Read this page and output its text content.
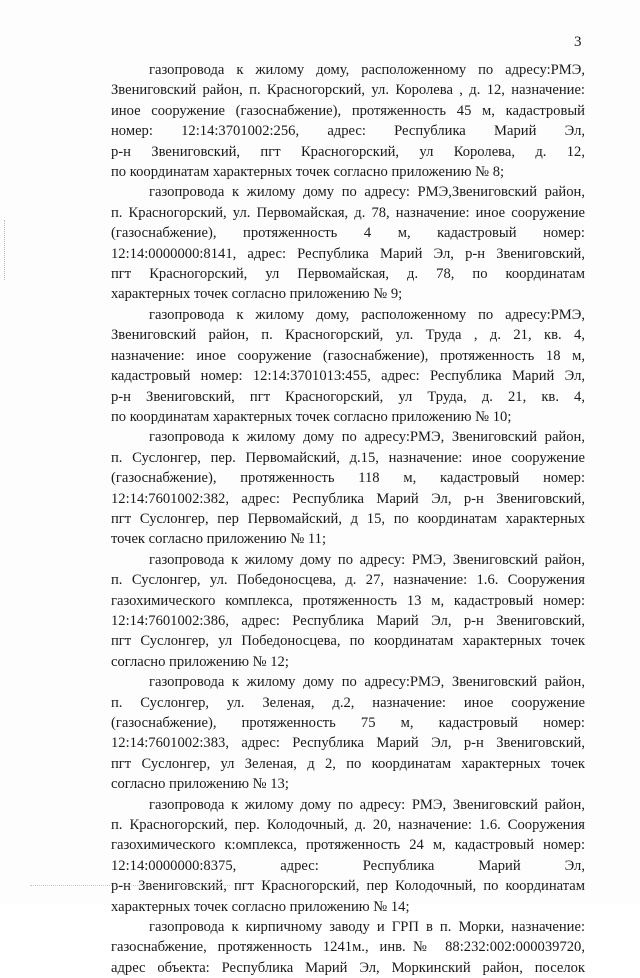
3
газопровода к жилому дому, расположенному по адресу:РМЭ,
Звениговский район, п. Красногорский, ул. Королева , д. 12, назначение:
иное сооружение (газоснабжение), протяженность 45 м, кадастровый
номер: 12:14:3701002:256, адрес: Республика Марий Эл,
р-н Звениговский, пгт Красногорский, ул Королева, д. 12,
по координатам характерных точек согласно приложению № 8;
газопровода к жилому дому по адресу: РМЭ,Звениговский район,
п. Красногорский, ул. Первомайская, д. 78, назначение: иное сооружение
(газоснабжение), протяженность 4 м, кадастровый номер:
12:14:0000000:8141, адрес: Республика Марий Эл, р-н Звениговский,
пгт Красногорский, ул Первомайская, д. 78, по координатам
характерных точек согласно приложению № 9;
газопровода к жилому дому, расположенному по адресу:РМЭ,
Звениговский район, п. Красногорский, ул. Труда , д. 21, кв. 4,
назначение: иное сооружение (газоснабжение), протяженность 18 м,
кадастровый номер: 12:14:3701013:455, адрес: Республика Марий Эл,
р-н Звениговский, пгт Красногорский, ул Труда, д. 21, кв. 4,
по координатам характерных точек согласно приложению № 10;
газопровода к жилому дому по адресу:РМЭ, Звениговский район,
п. Суслонгер, пер. Первомайский, д.15, назначение: иное сооружение
(газоснабжение), протяженность 118 м, кадастровый номер:
12:14:7601002:382, адрес: Республика Марий Эл, р-н Звениговский,
пгт Суслонгер, пер Первомайский, д 15, по координатам характерных
точек согласно приложению № 11;
газопровода к жилому дому по адресу: РМЭ, Звениговский район,
п. Суслонгер, ул. Победоносцева, д. 27, назначение: 1.6. Сооружения
газохимического комплекса, протяженность 13 м, кадастровый номер:
12:14:7601002:386, адрес: Республика Марий Эл, р-н Звениговский,
пгт Суслонгер, ул Победоносцева, по координатам характерных точек
согласно приложению № 12;
газопровода к жилому дому по адресу:РМЭ, Звениговский район,
п. Суслонгер, ул. Зеленая, д.2, назначение: иное сооружение
(газоснабжение), протяженность 75 м, кадастровый номер:
12:14:7601002:383, адрес: Республика Марий Эл, р-н Звениговский,
пгт Суслонгер, ул Зеленая, д 2, по координатам характерных точек
согласно приложению № 13;
газопровода к жилому дому по адресу: РМЭ, Звениговский район,
п. Красногорский, пер. Колодочный, д. 20, назначение: 1.6. Сооружения
газохимического к:омплекса, протяженность 24 м, кадастровый номер:
12:14:0000000:8375, адрес: Республика Марий Эл,
р-н Звениговский, пгт Красногорский, пер Колодочный, по координатам
характерных точек согласно приложению № 14;
газопровода к кирпичному заводу и ГРП в п. Морки, назначение:
газоснабжение, протяженность 1241м., инв.№ 88:232:002:000039720,
адрес объекта: Республика Марий Эл, Моркинский район, поселок
